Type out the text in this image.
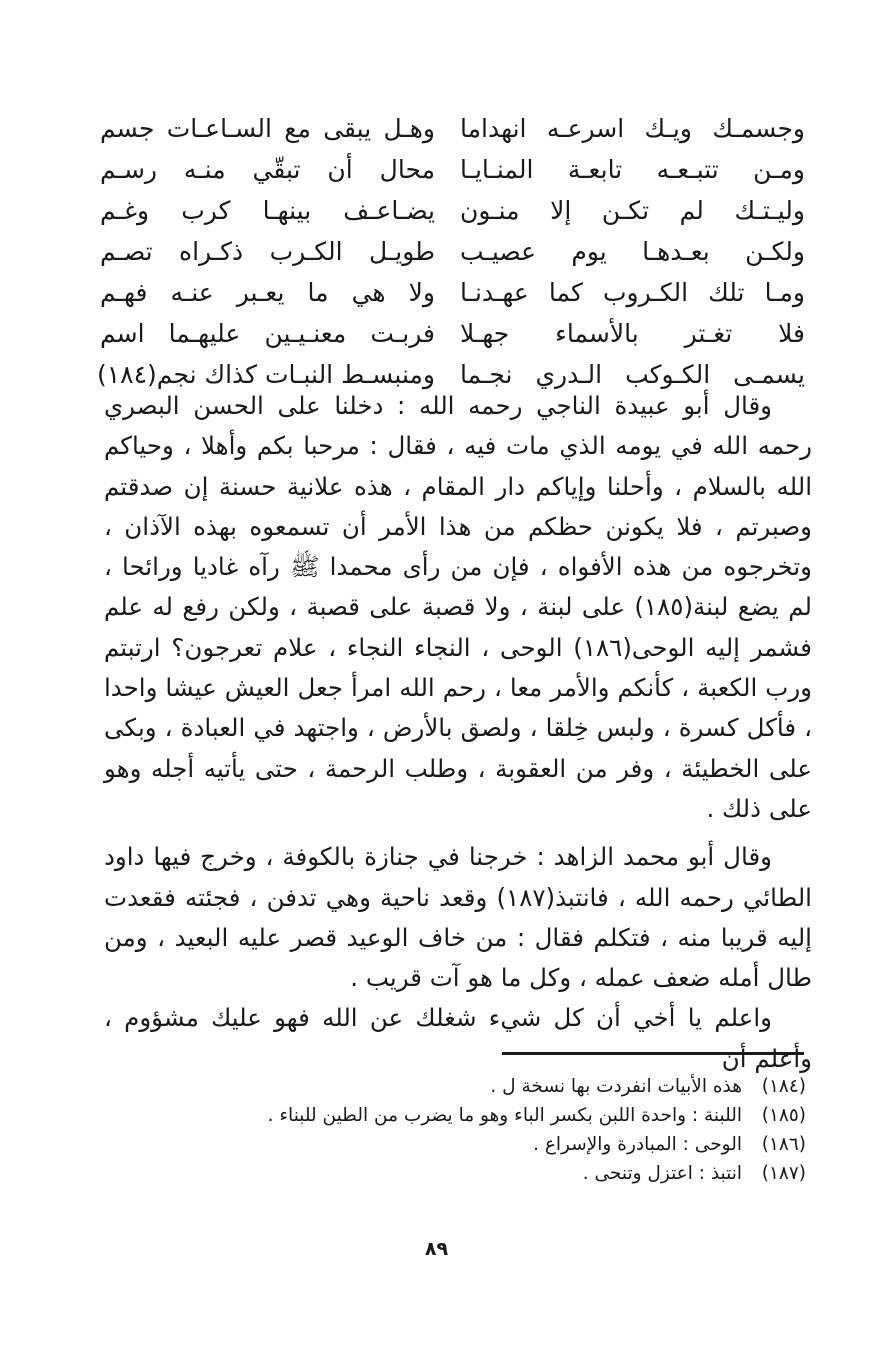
وجسمـك ويـك اسرعـه انهداما
وهـل يبقى مع السـاعـات جسم
ومـن تتبـعـه تابعـة المنـايـا
محال أن تبقّي منـه رسـم
وليـتـك لم تكـن إلا منـون
يضـاعـف بينهـا كرب وغـم
ولكـن بعـدهـا يوم عصيـب
طويـل الكـرب ذكـراه تصـم
ومـا تلك الكـروب كما عهـدنـا
ولا هي ما يعـبر عنـه فهـم
فلا تغـتر بالأسماء جهـلا
فربـت معنـيـين عليهـما اسم
يسمـى الكـوكب الـدري نجـما
ومنبسـط النبـات كذاك نجم(١٨٤)

وقال أبو عبيدة الناجي رحمه الله : دخلنا على الحسن البصري رحمه الله في يومه الذي مات فيه ، فقال : مرحبا بكم وأهلا ، وحياكم الله بالسلام ، وأحلنا وإياكم دار المقام ، هذه علانية حسنة إن صدقتم وصبرتم ، فلا يكونن حظكم من هذا الأمر أن تسمعوه بهذه الآذان ، وتخرجوه من هذه الأفواه ، فإن من رأى محمدا ﷺ رآه غاديا ورائحا ، لم يضع لبنة(١٨٥) على لبنة ، ولا قصبة على قصبة ، ولكن رفع له علم فشمر إليه الوحى(١٨٦) الوحى ، النجاء النجاء ، علام تعرجون؟ ارتبتم ورب الكعبة ، كأنكم والأمر معا ، رحم الله امرأ جعل العيش عيشا واحدا ، فأكل كسرة ، ولبس خِلقا ، ولصق بالأرض ، واجتهد في العبادة ، وبكى على الخطيئة ، وفر من العقوبة ، وطلب الرحمة ، حتى يأتيه أجله وهو على ذلك .

وقال أبو محمد الزاهد : خرجنا في جنازة بالكوفة ، وخرج فيها داود الطائي رحمه الله ، فانتبذ(١٨٧) وقعد ناحية وهي تدفن ، فجئته فقعدت إليه قريبا منه ، فتكلم فقال : من خاف الوعيد قصر عليه البعيد ، ومن طال أمله ضعف عمله ، وكل ما هو آت قريب .

واعلم يا أخي أن كل شيء شغلك عن الله فهو عليك مشؤوم ، وأعلم أن

(١٨٤)هذه الأبيات انفردت بها نسخة ل .
(١٨٥)اللبنة : واحدة اللبن بكسر الباء وهو ما يضرب من الطين للبناء .
(١٨٦)الوحى : المبادرة والإسراع .
(١٨٧)انتبذ : اعتزل وتنحى .
٨٩
